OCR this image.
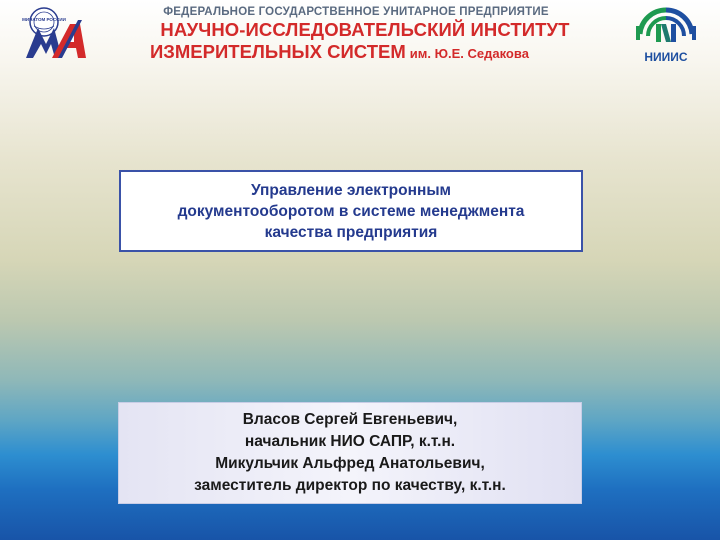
МИНАТОМ РОССИИ
ФЕДЕРАЛЬНОЕ ГОСУДАРСТВЕННОЕ УНИТАРНОЕ ПРЕДПРИЯТИЕ
НАУЧНО-ИССЛЕДОВАТЕЛЬСКИЙ ИНСТИТУТ
ИЗМЕРИТЕЛЬНЫХ СИСТЕМ им. Ю.Е. Седакова	НИИИС
Управление электронным
документооборотом в системе менеджмента
качества предприятия
Власов Сергей Евгеньевич,
начальник НИО САПР, к.т.н.
Микульчик Альфред Анатольевич,
заместитель директор по качеству, к.т.н.
